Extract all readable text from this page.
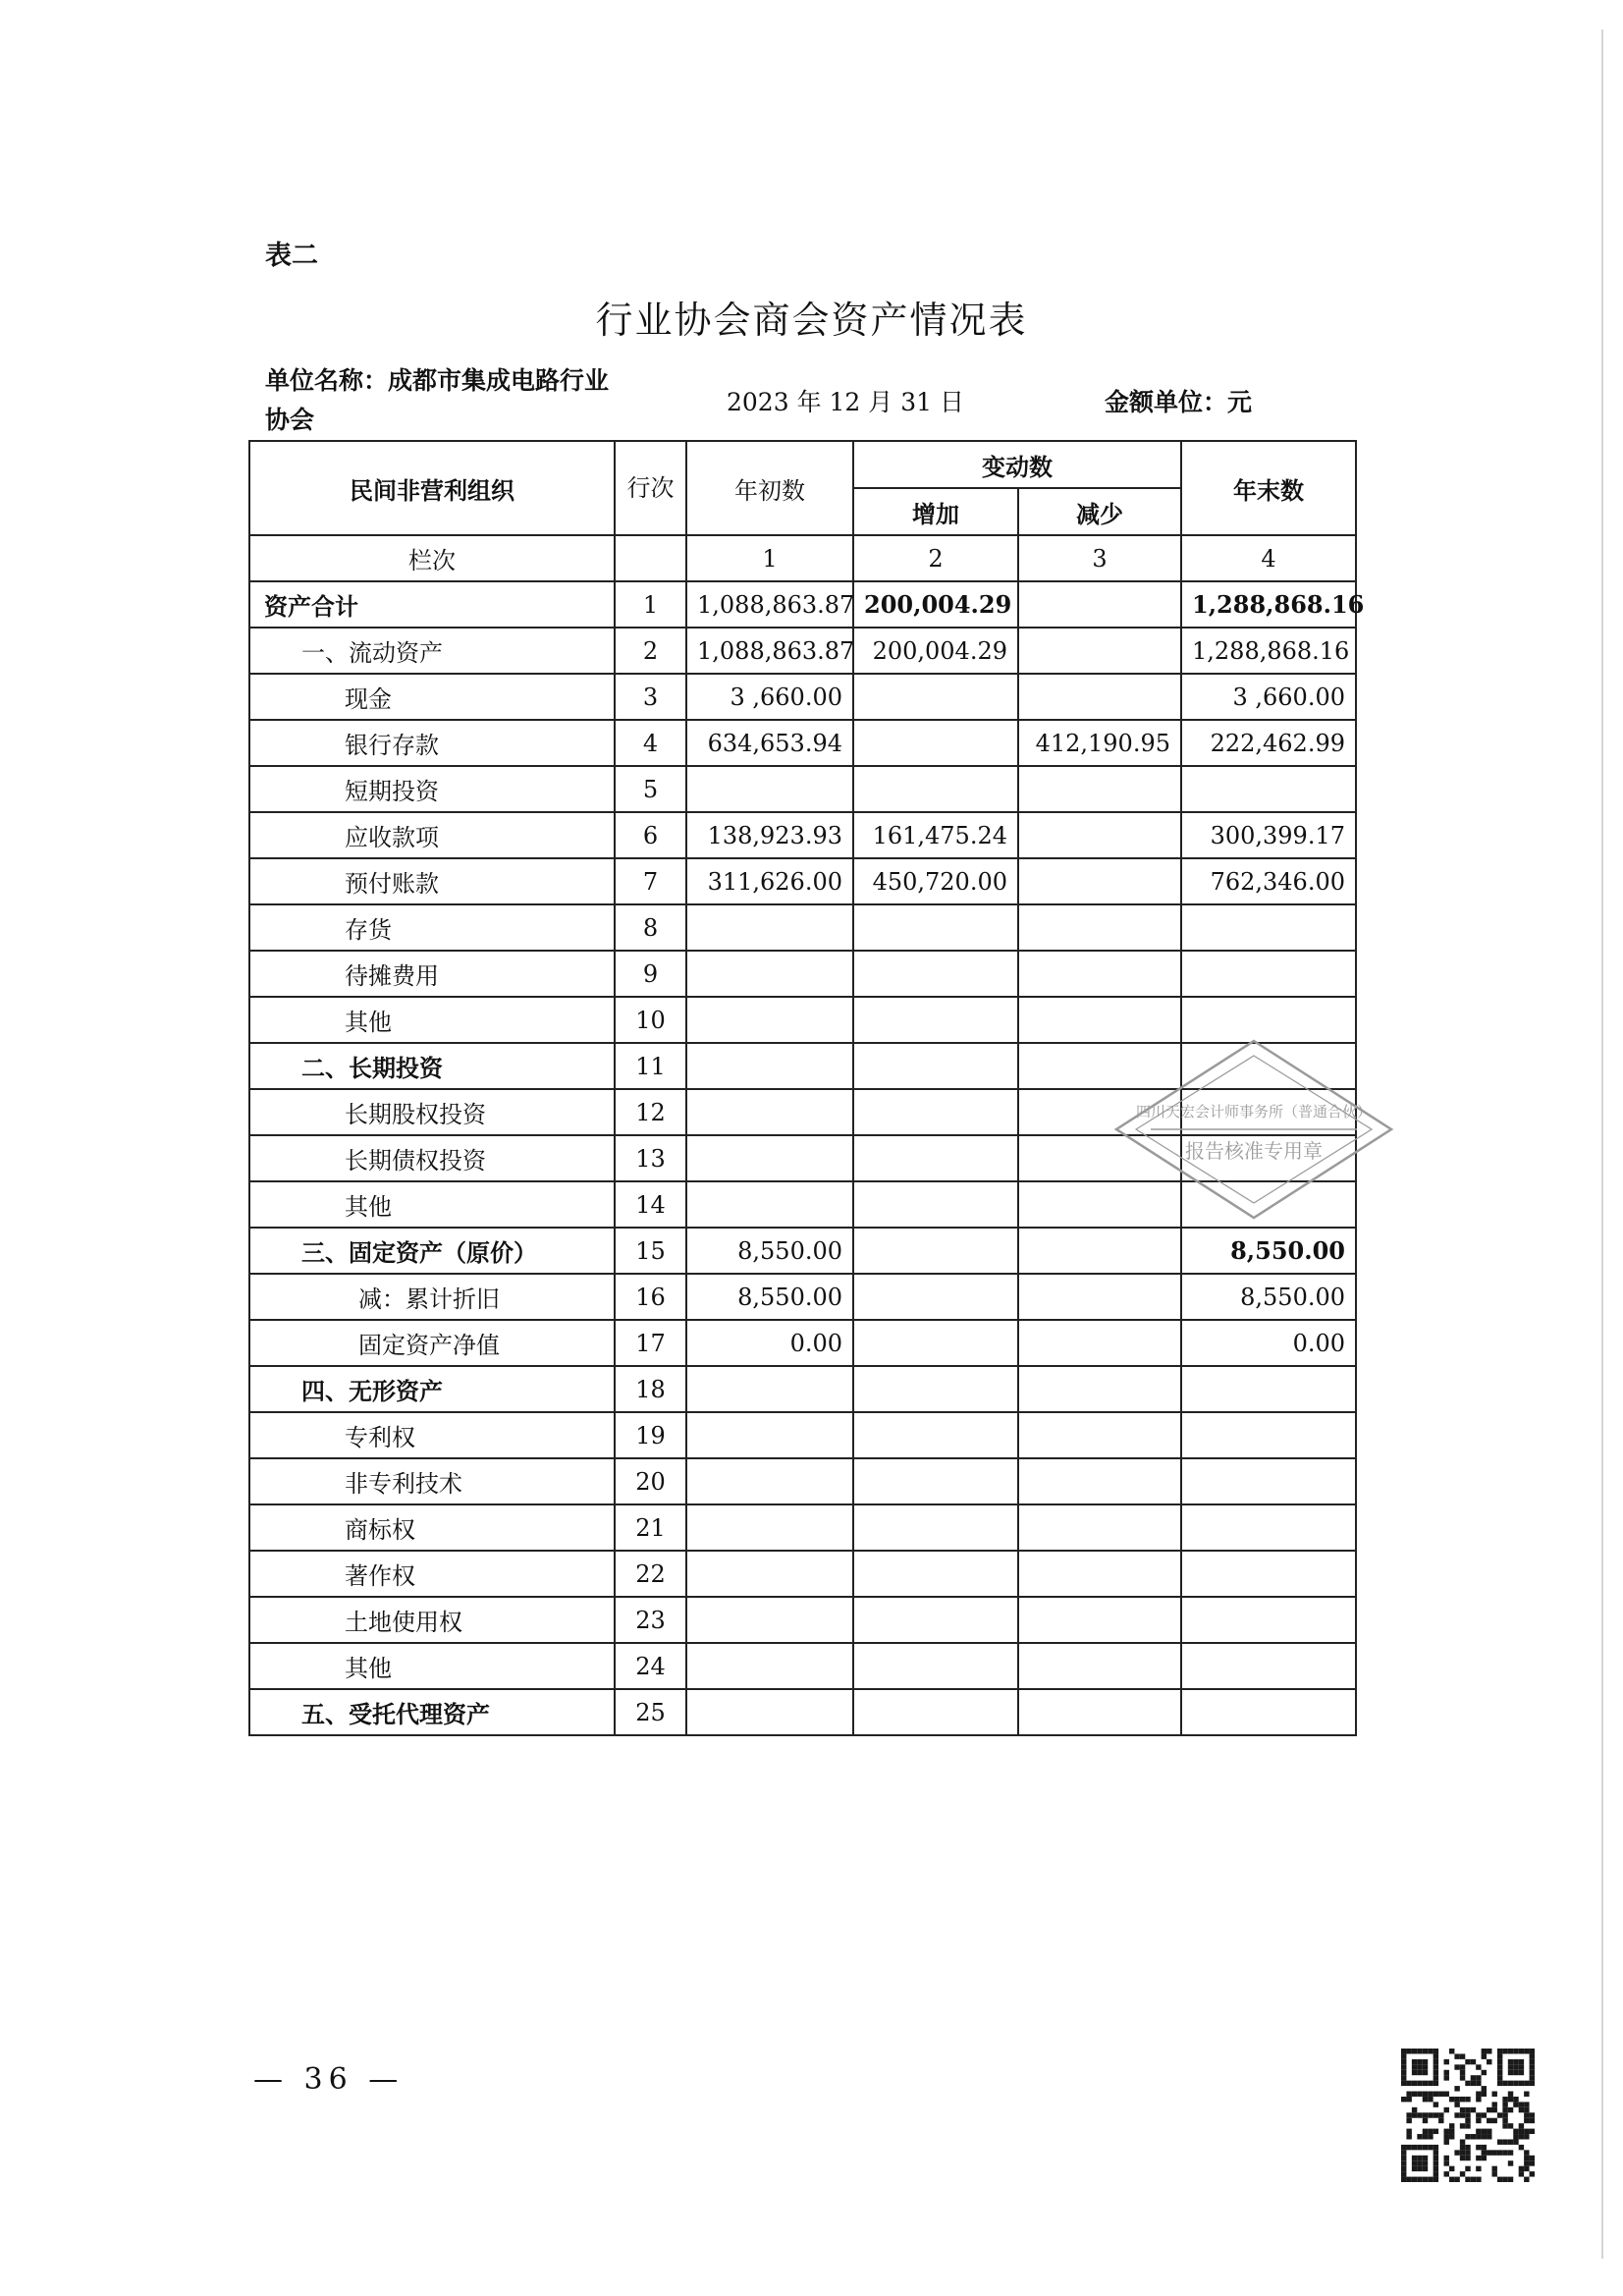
表二
行业协会商会资产情况表
单位名称：成都市集成电路行业协会
2023 年 12 月 31 日	金额单位：元
民间非营利组织	行次	年初数	变动数		年末数
			增加	减少	
栏次		1	2	3	4
资产合计	1	1,088,863.87	200,004.29		1,288,868.16
一、流动资产	2	1,088,863.87	200,004.29		1,288,868.16
现金	3	3 ,660.00			3 ,660.00
银行存款	4	634,653.94		412,190.95	222,462.99
短期投资	5				
应收款项	6	138,923.93	161,475.24		300,399.17
预付账款	7	311,626.00	450,720.00		762,346.00
存货	8				
待摊费用	9				
其他	10				
二、长期投资	11				
长期股权投资	12				
长期债权投资	13				
其他	14				
三、固定资产（原价）	15	8,550.00			8,550.00
减：累计折旧	16	8,550.00			8,550.00
固定资产净值	17	0.00			0.00
四、无形资产	18				
专利权	19				
非专利技术	20				
商标权	21				
著作权	22				
土地使用权	23				
其他	24				
五、受托代理资产	25				
四川天宏会计师事务所（普通合伙）
报告核准专用章
— 36 —
